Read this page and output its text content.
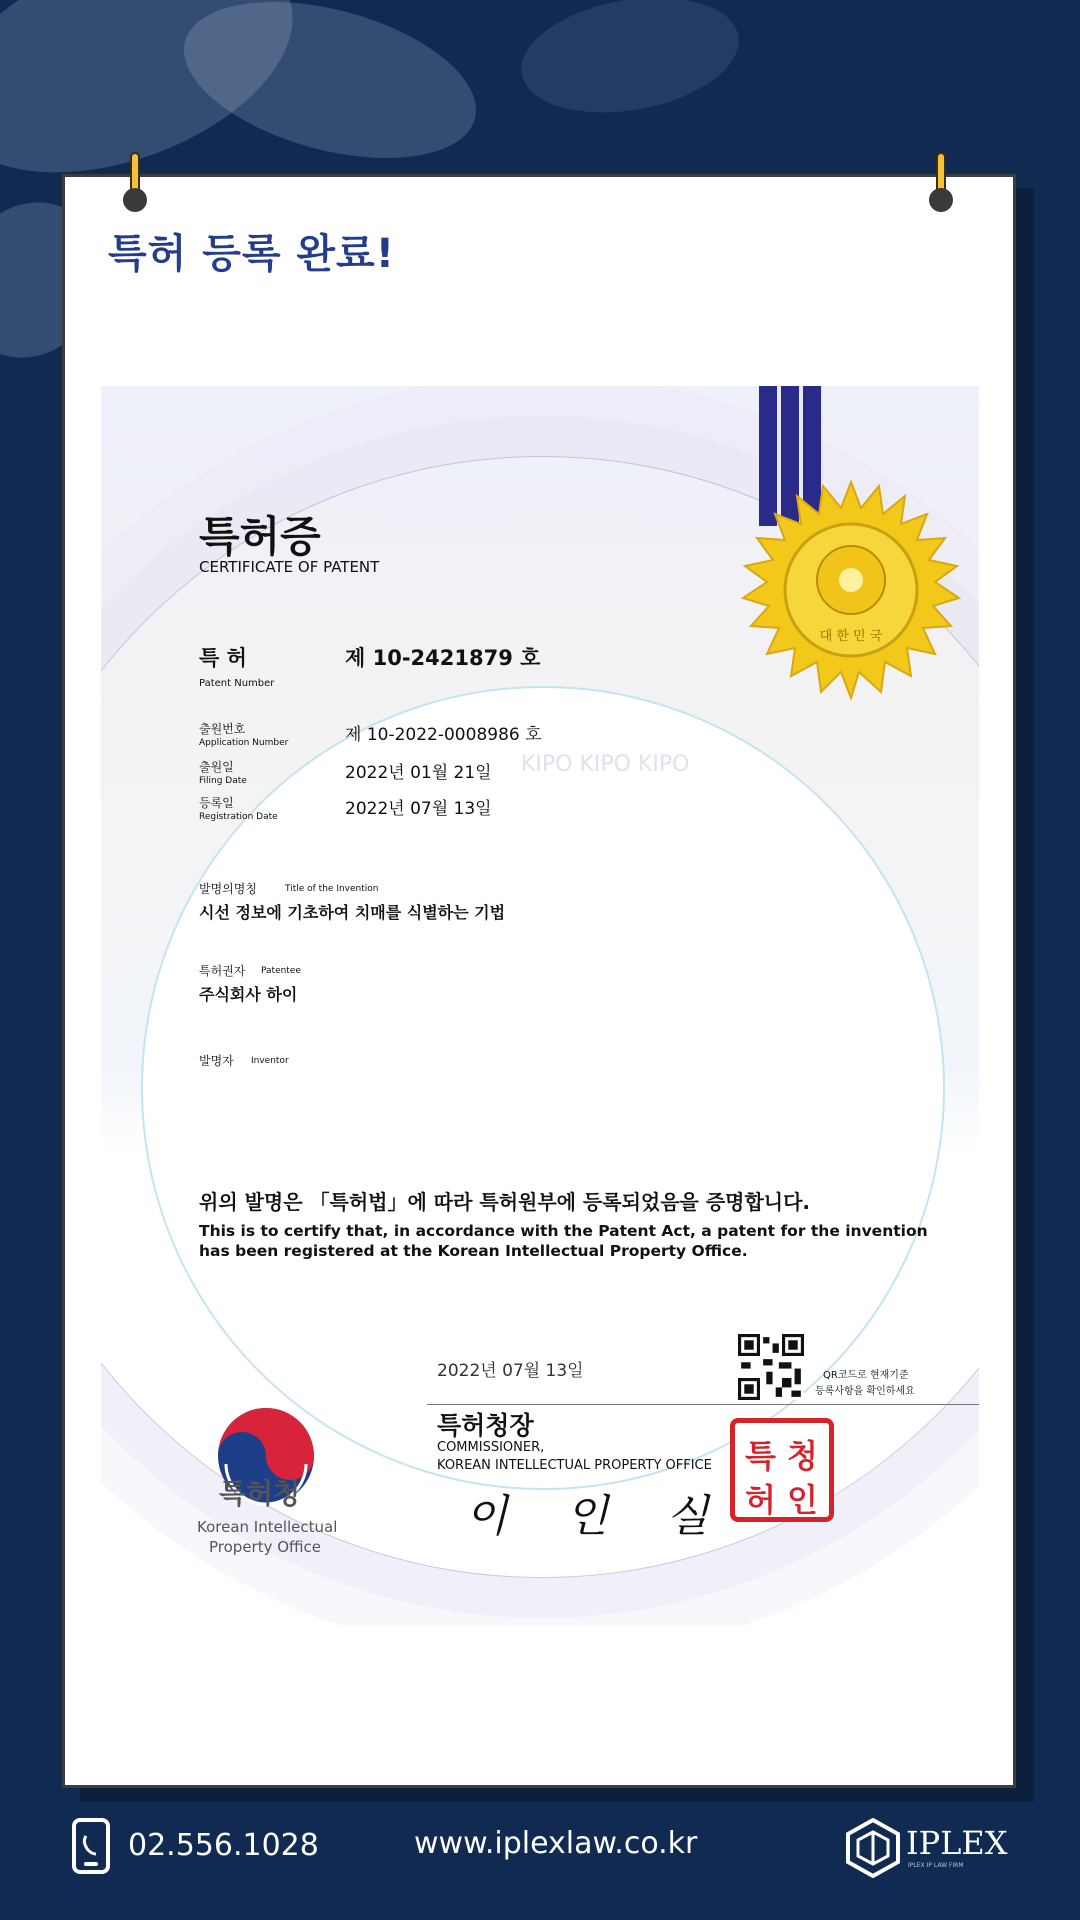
특허 등록 완료!
KIPO KIPO KIPO
대 한 민 국
특허증
CERTIFICATE OF PATENT
특 허
Patent Number
제 10-2421879 호
출원번호
Application Number	제 10-2022-0008986 호
출원일
Filing Date	2022년 01월 21일
등록일
Registration Date	2022년 07월 13일
발명의명칭	Title of the Invention
시선 정보에 기초하여 치매를 식별하는 기법
특허권자 Patentee
주식회사 하이
발명자 Inventor
위의 발명은 「특허법」에 따라 특허원부에 등록되었음을 증명합니다.
This is to certify that, in accordance with the Patent Act, a patent for the invention
has been registered at the Korean Intellectual Property Office.
특허청
Korean Intellectual
Property Office
2022년 07월 13일	QR코드로 현재기준
등록사항을 확인하세요
특허청장
COMMISSIONER,
KOREAN INTELLECTUAL PROPERTY OFFICE
이 인 실
특 청
허 인
02.556.1028	www.iplexlaw.co.kr	IPLEX
IPLEX IP LAW FIRM
